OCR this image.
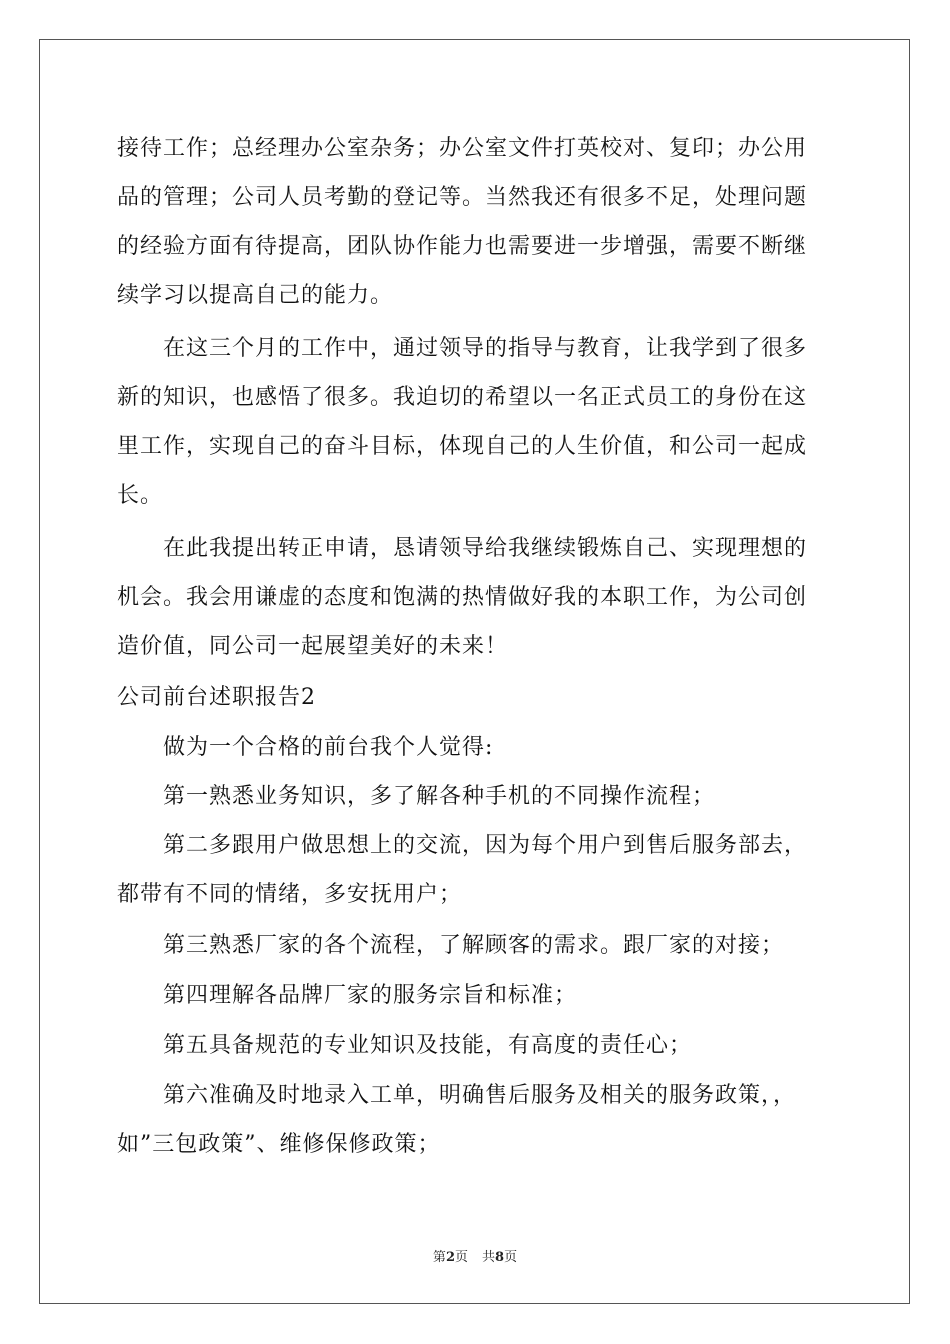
接待工作；总经理办公室杂务；办公室文件打英校对、复印；办公用
品的管理；公司人员考勤的登记等。当然我还有很多不足，处理问题
的经验方面有待提高，团队协作能力也需要进一步增强，需要不断继
续学习以提高自己的能力。
在这三个月的工作中，通过领导的指导与教育，让我学到了很多
新的知识，也感悟了很多。我迫切的希望以一名正式员工的身份在这
里工作，实现自己的奋斗目标，体现自己的人生价值，和公司一起成
长。
在此我提出转正申请，恳请领导给我继续锻炼自己、实现理想的
机会。我会用谦虚的态度和饱满的热情做好我的本职工作，为公司创
造价值，同公司一起展望美好的未来！
公司前台述职报告2
做为一个合格的前台我个人觉得:
第一熟悉业务知识，多了解各种手机的不同操作流程；
第二多跟用户做思想上的交流，因为每个用户到售后服务部去，
都带有不同的情绪，多安抚用户；
第三熟悉厂家的各个流程，了解顾客的需求。跟厂家的对接；
第四理解各品牌厂家的服务宗旨和标准；
第五具备规范的专业知识及技能，有高度的责任心；
第六准确及时地录入工单，明确售后服务及相关的服务政策，，
如”三包政策”、维修保修政策；
第2页 共8页
